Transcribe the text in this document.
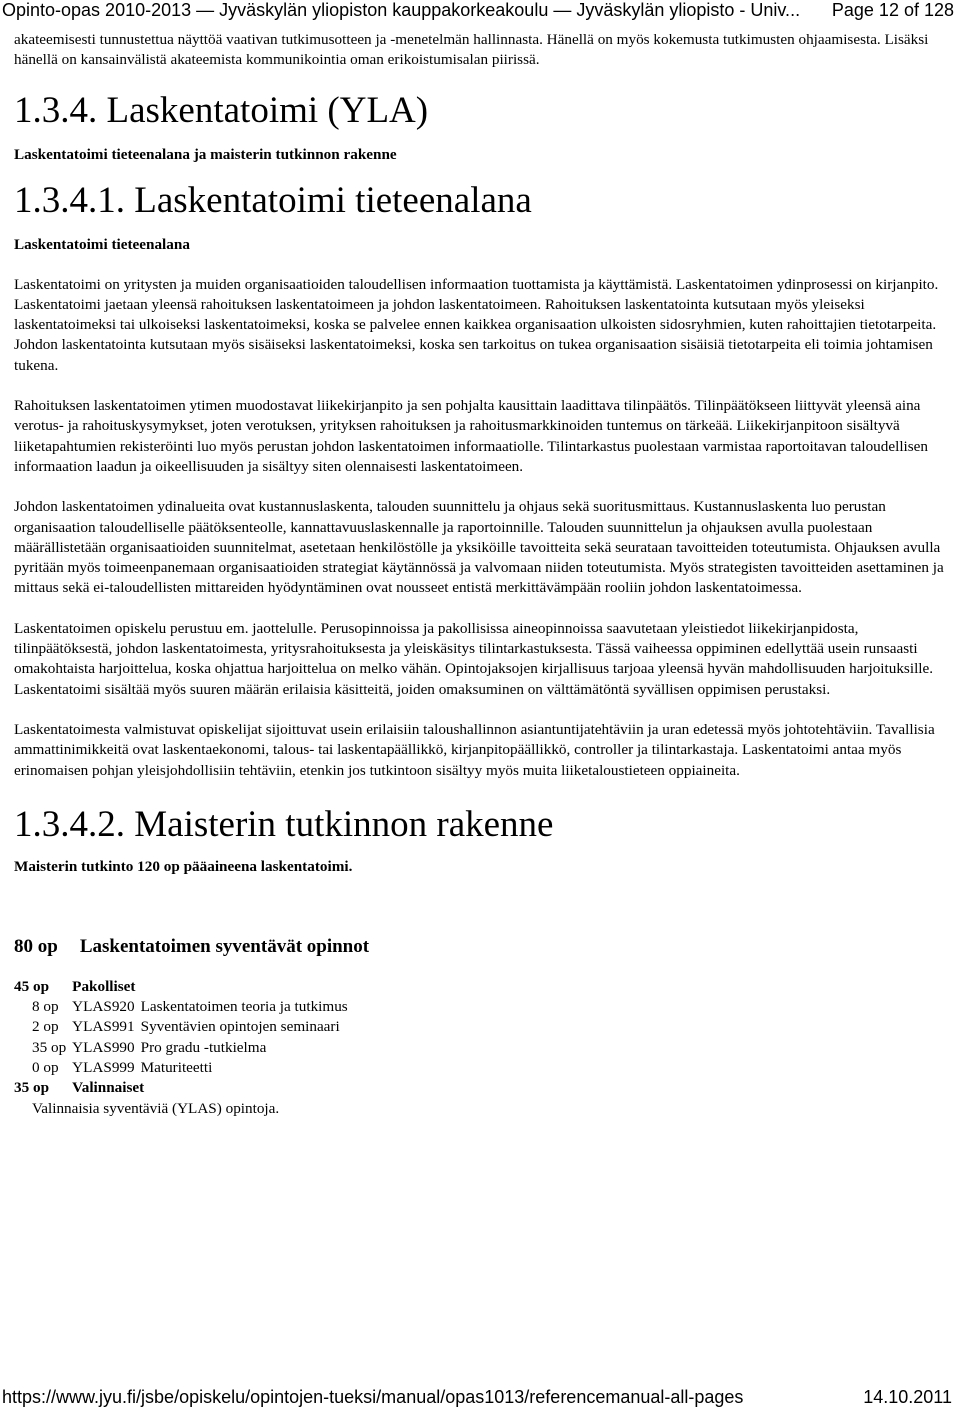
Opinto-opas 2010-2013 — Jyväskylän yliopiston kauppakorkeakoulu — Jyväskylän yliopisto - Univ...	Page 12 of 128

akateemisesti tunnustettua näyttöä vaativan tutkimusotteen ja -menetelmän hallinnasta. Hänellä on myös kokemusta tutkimusten ohjaamisesta. Lisäksi hänellä on kansainvälistä akateemista kommunikointia oman erikoistumisalan piirissä.

1.3.4. Laskentatoimi (YLA)

Laskentatoimi tieteenalana ja maisterin tutkinnon rakenne

1.3.4.1. Laskentatoimi tieteenalana

Laskentatoimi tieteenalana

Laskentatoimi on yritysten ja muiden organisaatioiden taloudellisen informaation tuottamista ja käyttämistä. Laskentatoimen ydinprosessi on kirjanpito. Laskentatoimi jaetaan yleensä rahoituksen laskentatoimeen ja johdon laskentatoimeen. Rahoituksen laskentatointa kutsutaan myös yleiseksi laskentatoimeksi tai ulkoiseksi laskentatoimeksi, koska se palvelee ennen kaikkea organisaation ulkoisten sidosryhmien, kuten rahoittajien tietotarpeita. Johdon laskentatointa kutsutaan myös sisäiseksi laskentatoimeksi, koska sen tarkoitus on tukea organisaation sisäisiä tietotarpeita eli toimia johtamisen tukena.

Rahoituksen laskentatoimen ytimen muodostavat liikekirjanpito ja sen pohjalta kausittain laadittava tilinpäätös. Tilinpäätökseen liittyvät yleensä aina verotus- ja rahoituskysymykset, joten verotuksen, yrityksen rahoituksen ja rahoitusmarkkinoiden tuntemus on tärkeää. Liikekirjanpitoon sisältyvä liiketapahtumien rekisteröinti luo myös perustan johdon laskentatoimen informaatiolle. Tilintarkastus puolestaan varmistaa raportoitavan taloudellisen informaation laadun ja oikeellisuuden ja sisältyy siten olennaisesti laskentatoimeen.

Johdon laskentatoimen ydinalueita ovat kustannuslaskenta, talouden suunnittelu ja ohjaus sekä suoritusmittaus. Kustannuslaskenta luo perustan organisaation taloudelliselle päätöksenteolle, kannattavuuslaskennalle ja raportoinnille. Talouden suunnittelun ja ohjauksen avulla puolestaan määrällistetään organisaatioiden suunnitelmat, asetetaan henkilöstölle ja yksiköille tavoitteita sekä seurataan tavoitteiden toteutumista. Ohjauksen avulla pyritään myös toimeenpanemaan organisaatioiden strategiat käytännössä ja valvomaan niiden toteutumista. Myös strategisten tavoitteiden asettaminen ja mittaus sekä ei-taloudellisten mittareiden hyödyntäminen ovat nousseet entistä merkittävämpään rooliin johdon laskentatoimessa.

Laskentatoimen opiskelu perustuu em. jaottelulle. Perusopinnoissa ja pakollisissa aineopinnoissa saavutetaan yleistiedot liikekirjanpidosta, tilinpäätöksestä, johdon laskentatoimesta, yritysrahoituksesta ja yleiskäsitys tilintarkastuksesta. Tässä vaiheessa oppiminen edellyttää usein runsaasti omakohtaista harjoittelua, koska ohjattua harjoittelua on melko vähän. Opintojaksojen kirjallisuus tarjoaa yleensä hyvän mahdollisuuden harjoituksille. Laskentatoimi sisältää myös suuren määrän erilaisia käsitteitä, joiden omaksuminen on välttämätöntä syvällisen oppimisen perustaksi.

Laskentatoimesta valmistuvat opiskelijat sijoittuvat usein erilaisiin taloushallinnon asiantuntijatehtäviin ja uran edetessä myös johtotehtäviin. Tavallisia ammattinimikkeitä ovat laskentaekonomi, talous- tai laskentapäällikkö, kirjanpitopäällikkö, controller ja tilintarkastaja. Laskentatoimi antaa myös erinomaisen pohjan yleisjohdollisiin tehtäviin, etenkin jos tutkintoon sisältyy myös muita liiketaloustieteen oppiaineita.

1.3.4.2. Maisterin tutkinnon rakenne

Maisterin tutkinto 120 op pääaineena laskentatoimi.

80 op Laskentatoimen syventävät opinnot
45 op	Pakolliset	
8 op	YLAS920	Laskentatoimen teoria ja tutkimus
2 op	YLAS991	Syventävien opintojen seminaari
35 op	YLAS990	Pro gradu -tutkielma
0 op	YLAS999	Maturiteetti
35 op	Valinnaiset	

Valinnaisia syventäviä (YLAS) opintoja.

https://www.jyu.fi/jsbe/opiskelu/opintojen-tueksi/manual/opas1013/referencemanual-all-pages	14.10.2011
